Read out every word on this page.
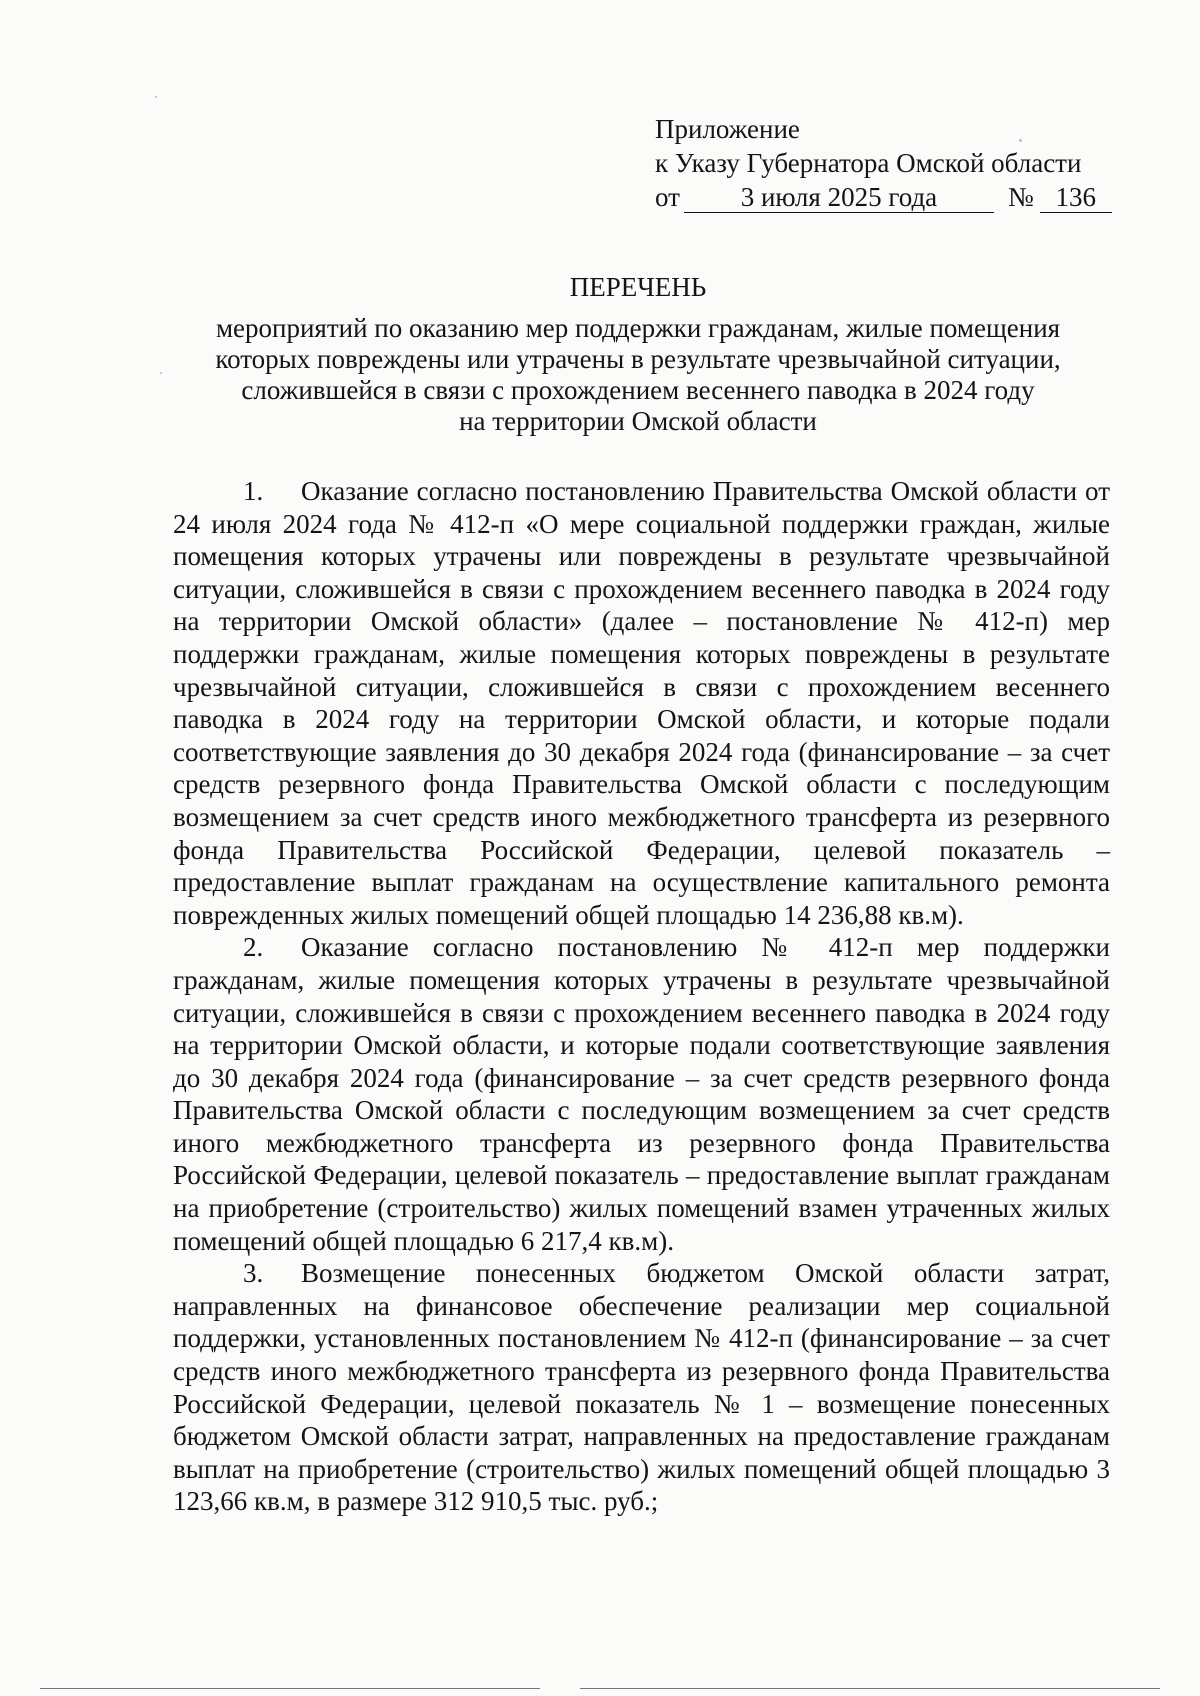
Приложение
к Указу Губернатора Омской области
от 3 июля 2025 года	№ 136
ПЕРЕЧЕНЬ
мероприятий по оказанию мер поддержки гражданам, жилые помещения
которых повреждены или утрачены в результате чрезвычайной ситуации,
сложившейся в связи с прохождением весеннего паводка в 2024 году
на территории Омской области

1. Оказание согласно постановлению Правительства Омской области от 24 июля 2024 года № 412-п «О мере социальной поддержки граждан, жилые помещения которых утрачены или повреждены в результате чрезвычайной ситуации, сложившейся в связи с прохождением весеннего паводка в 2024 году на территории Омской области» (далее – постановление № 412-п) мер поддержки гражданам, жилые помещения которых повреждены в результате чрезвычайной ситуации, сложившейся в связи с прохождением весеннего паводка в 2024 году на территории Омской области, и которые подали соответствующие заявления до 30 декабря 2024 года (финансирование – за счет средств резервного фонда Правительства Омской области с последующим возмещением за счет средств иного межбюджетного трансферта из резервного фонда Правительства Российской Федерации, целевой показатель – предоставление выплат гражданам на осуществление капитального ремонта поврежденных жилых помещений общей площадью 14 236,88 кв.м).

2. Оказание согласно постановлению № 412-п мер поддержки гражданам, жилые помещения которых утрачены в результате чрезвычайной ситуации, сложившейся в связи с прохождением весеннего паводка в 2024 году на территории Омской области, и которые подали соответствующие заявления до 30 декабря 2024 года (финансирование – за счет средств резервного фонда Правительства Омской области с последующим возмещением за счет средств иного межбюджетного трансферта из резервного фонда Правительства Российской Федерации, целевой показатель – предоставление выплат гражданам на приобретение (строительство) жилых помещений взамен утраченных жилых помещений общей площадью 6 217,4 кв.м).

3. Возмещение понесенных бюджетом Омской области затрат, направленных на финансовое обеспечение реализации мер социальной поддержки, установленных постановлением № 412-п (финансирование – за счет средств иного межбюджетного трансферта из резервного фонда Правительства Российской Федерации, целевой показатель № 1 – возмещение понесенных бюджетом Омской области затрат, направленных на предоставление гражданам выплат на приобретение (строительство) жилых помещений общей площадью 3 123,66 кв.м, в размере 312 910,5 тыс. руб.;
